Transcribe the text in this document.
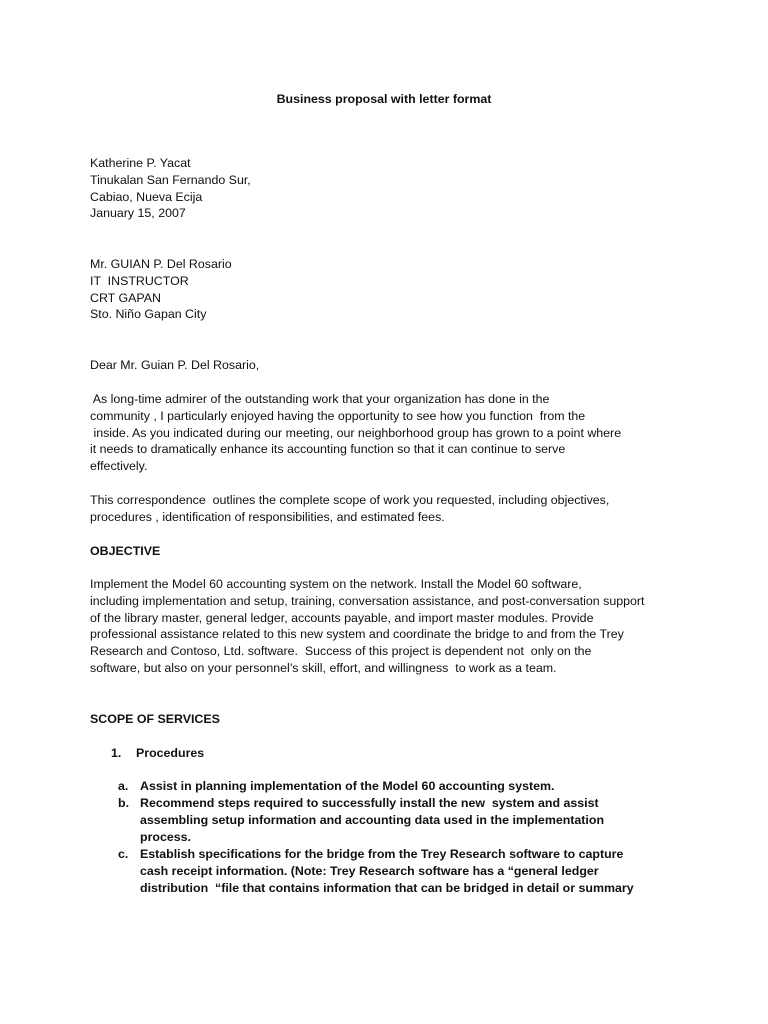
Business proposal with letter format
Katherine P. Yacat
Tinukalan San Fernando Sur,
Cabiao, Nueva Ecija
January 15, 2007
Mr. GUIAN P. Del Rosario
IT  INSTRUCTOR
CRT GAPAN
Sto. Niño Gapan City
Dear Mr. Guian P. Del Rosario,
As long-time admirer of the outstanding work that your organization has done in the
community , I particularly enjoyed having the opportunity to see how you function  from the
inside. As you indicated during our meeting, our neighborhood group has grown to a point where
it needs to dramatically enhance its accounting function so that it can continue to serve
effectively.
This correspondence  outlines the complete scope of work you requested, including objectives,
procedures , identification of responsibilities, and estimated fees.
OBJECTIVE
Implement the Model 60 accounting system on the network. Install the Model 60 software,
including implementation and setup, training, conversation assistance, and post-conversation support
of the library master, general ledger, accounts payable, and import master modules. Provide
professional assistance related to this new system and coordinate the bridge to and from the Trey
Research and Contoso, Ltd. software.  Success of this project is dependent not  only on the
software, but also on your personnel’s skill, effort, and willingness  to work as a team.
SCOPE OF SERVICES
1. Procedures
a. Assist in planning implementation of the Model 60 accounting system.
b. Recommend steps required to successfully install the new  system and assist
assembling setup information and accounting data used in the implementation
process.
c. Establish specifications for the bridge from the Trey Research software to capture
cash receipt information. (Note: Trey Research software has a “general ledger
distribution  “file that contains information that can be bridged in detail or summary
